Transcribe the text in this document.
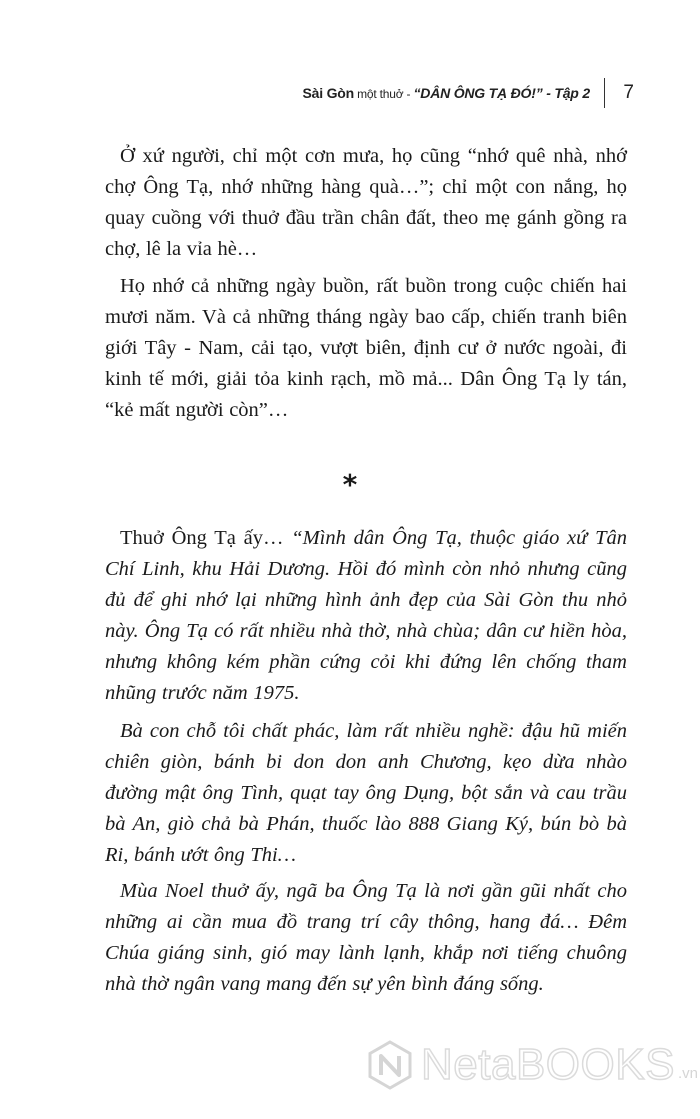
Sài Gòn một thuở - “DÂN ÔNG TẠ ĐÓ!” - Tập 2	7
Ở xứ người, chỉ một cơn mưa, họ cũng “nhớ quê nhà, nhớ chợ Ông Tạ, nhớ những hàng quà…”; chỉ một con nắng, họ quay cuồng với thuở đầu trần chân đất, theo mẹ gánh gồng ra chợ, lê la vỉa hè…
Họ nhớ cả những ngày buồn, rất buồn trong cuộc chiến hai mươi năm. Và cả những tháng ngày bao cấp, chiến tranh biên giới Tây - Nam, cải tạo, vượt biên, định cư ở nước ngoài, đi kinh tế mới, giải tỏa kinh rạch, mồ mả... Dân Ông Tạ ly tán, “kẻ mất người còn”…
*
Thuở Ông Tạ ấy… “Mình dân Ông Tạ, thuộc giáo xứ Tân Chí Linh, khu Hải Dương. Hồi đó mình còn nhỏ nhưng cũng đủ để ghi nhớ lại những hình ảnh đẹp của Sài Gòn thu nhỏ này. Ông Tạ có rất nhiều nhà thờ, nhà chùa; dân cư hiền hòa, nhưng không kém phần cứng cỏi khi đứng lên chống tham nhũng trước năm 1975.
Bà con chỗ tôi chất phác, làm rất nhiều nghề: đậu hũ miến chiên giòn, bánh bi don don anh Chương, kẹo dừa nhào đường mật ông Tình, quạt tay ông Dụng, bột sắn và cau trầu bà An, giò chả bà Phán, thuốc lào 888 Giang Ký, bún bò bà Ri, bánh ướt ông Thi…
Mùa Noel thuở ấy, ngã ba Ông Tạ là nơi gần gũi nhất cho những ai cần mua đồ trang trí cây thông, hang đá… Đêm Chúa giáng sinh, gió may lành lạnh, khắp nơi tiếng chuông nhà thờ ngân vang mang đến sự yên bình đáng sống.
NetaBOOKS .vn
